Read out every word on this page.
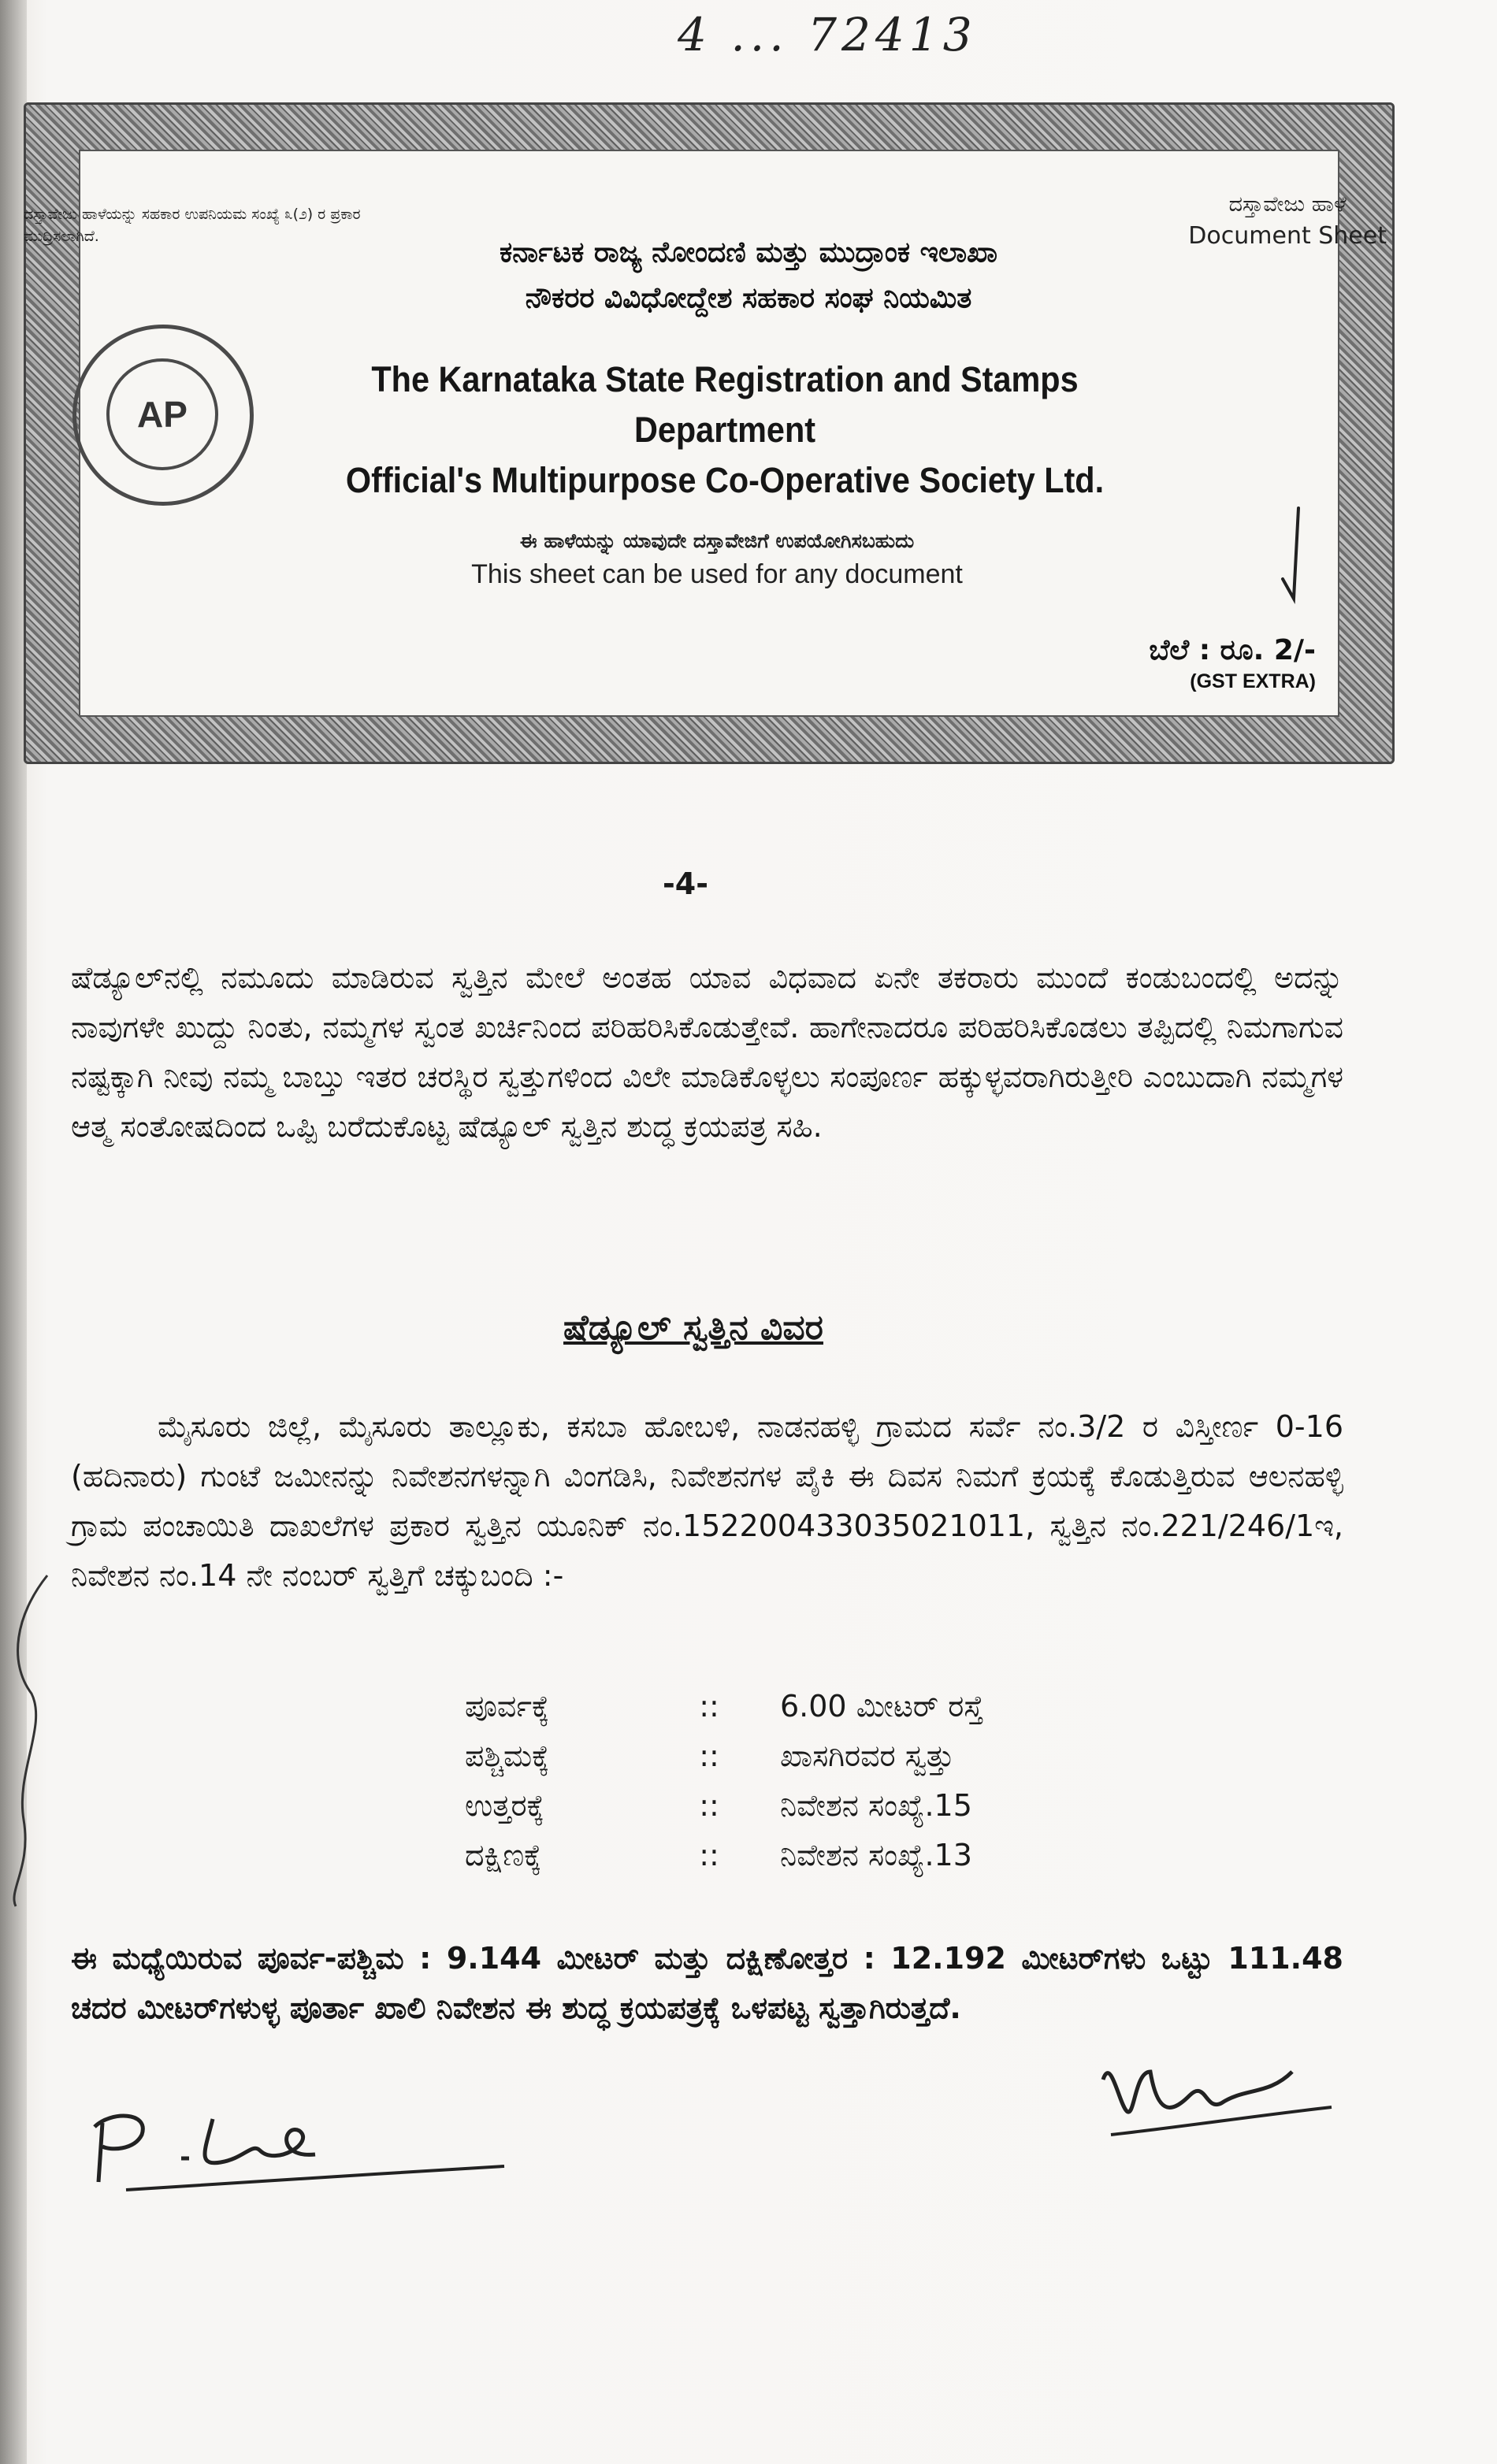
4 ... 72413
ದಸ್ತಾವೇಜು ಹಾಳೆಯನ್ನು ಸಹಕಾರ ಉಪನಿಯಮ ಸಂಖ್ಯೆ ೩(೨) ರ ಪ್ರಕಾರ ಮುದ್ರಿಸಲಾಗಿದೆ.
ದಸ್ತಾವೇಜು ಹಾಳೆ
Document Sheet
ಕರ್ನಾಟಕ ರಾಜ್ಯ ನೋಂದಣಿ ಮತ್ತು ಮುದ್ರಾಂಕ ಇಲಾಖಾ
ನೌಕರರ ವಿವಿಧೋದ್ದೇಶ ಸಹಕಾರ ಸಂಘ ನಿಯಮಿತ
AP
The Karnataka State Registration and Stamps Department
Official's Multipurpose Co-Operative Society Ltd.
ಈ ಹಾಳೆಯನ್ನು ಯಾವುದೇ ದಸ್ತಾವೇಜಿಗೆ ಉಪಯೋಗಿಸಬಹುದು
This sheet can be used for any document
ಬೆಲೆ : ರೂ. 2/-
(GST EXTRA)
-4-
ಷೆಡ್ಯೂಲ್‌ನಲ್ಲಿ ನಮೂದು ಮಾಡಿರುವ ಸ್ವತ್ತಿನ ಮೇಲೆ ಅಂತಹ ಯಾವ ವಿಧವಾದ ಏನೇ ತಕರಾರು ಮುಂದೆ ಕಂಡುಬಂದಲ್ಲಿ ಅದನ್ನು ನಾವುಗಳೇ ಖುದ್ದು ನಿಂತು, ನಮ್ಮಗಳ ಸ್ವಂತ ಖರ್ಚಿನಿಂದ ಪರಿಹರಿಸಿಕೊಡುತ್ತೇವೆ. ಹಾಗೇನಾದರೂ ಪರಿಹರಿಸಿಕೊಡಲು ತಪ್ಪಿದಲ್ಲಿ ನಿಮಗಾಗುವ ನಷ್ಟಕ್ಕಾಗಿ ನೀವು ನಮ್ಮ ಬಾಬ್ತು ಇತರ ಚರಸ್ಥಿರ ಸ್ವತ್ತುಗಳಿಂದ ವಿಲೇ ಮಾಡಿಕೊಳ್ಳಲು ಸಂಪೂರ್ಣ ಹಕ್ಕುಳ್ಳವರಾಗಿರುತ್ತೀರಿ ಎಂಬುದಾಗಿ ನಮ್ಮಗಳ ಆತ್ಮ ಸಂತೋಷದಿಂದ ಒಪ್ಪಿ ಬರೆದುಕೊಟ್ಟ ಷೆಡ್ಯೂಲ್ ಸ್ವತ್ತಿನ ಶುದ್ಧ ಕ್ರಯಪತ್ರ ಸಹಿ.
ಷೆಡ್ಯೂಲ್ ಸ್ವತ್ತಿನ ವಿವರ
ಮೈಸೂರು ಜಿಲ್ಲೆ, ಮೈಸೂರು ತಾಲ್ಲೂಕು, ಕಸಬಾ ಹೋಬಳಿ, ನಾಡನಹಳ್ಳಿ ಗ್ರಾಮದ ಸರ್ವೆ ನಂ.3/2 ರ ವಿಸ್ತೀರ್ಣ 0-16 (ಹದಿನಾರು) ಗುಂಟೆ ಜಮೀನನ್ನು ನಿವೇಶನಗಳನ್ನಾಗಿ ವಿಂಗಡಿಸಿ, ನಿವೇಶನಗಳ ಪೈಕಿ ಈ ದಿವಸ ನಿಮಗೆ ಕ್ರಯಕ್ಕೆ ಕೊಡುತ್ತಿರುವ ಆಲನಹಳ್ಳಿ ಗ್ರಾಮ ಪಂಚಾಯಿತಿ ದಾಖಲೆಗಳ ಪ್ರಕಾರ ಸ್ವತ್ತಿನ ಯೂನಿಕ್ ನಂ.152200433035021011, ಸ್ವತ್ತಿನ ನಂ.221/246/1ಇ, ನಿವೇಶನ ನಂ.14 ನೇ ನಂಬರ್ ಸ್ವತ್ತಿಗೆ ಚಕ್ಕುಬಂದಿ :-
ಪೂರ್ವಕ್ಕೆ	::	6.00 ಮೀಟರ್ ರಸ್ತೆ
ಪಶ್ಚಿಮಕ್ಕೆ	::	ಖಾಸಗಿರವರ ಸ್ವತ್ತು
ಉತ್ತರಕ್ಕೆ	::	ನಿವೇಶನ ಸಂಖ್ಯೆ.15
ದಕ್ಷಿಣಕ್ಕೆ	::	ನಿವೇಶನ ಸಂಖ್ಯೆ.13
ಈ ಮಧ್ಯೆಯಿರುವ ಪೂರ್ವ-ಪಶ್ಚಿಮ : 9.144 ಮೀಟರ್ ಮತ್ತು ದಕ್ಷಿಣೋತ್ತರ : 12.192 ಮೀಟರ್‌ಗಳು ಒಟ್ಟು 111.48 ಚದರ ಮೀಟರ್‌ಗಳುಳ್ಳ ಪೂರ್ತಾ ಖಾಲಿ ನಿವೇಶನ ಈ ಶುದ್ಧ ಕ್ರಯಪತ್ರಕ್ಕೆ ಒಳಪಟ್ಟ ಸ್ವತ್ತಾಗಿರುತ್ತದೆ.
